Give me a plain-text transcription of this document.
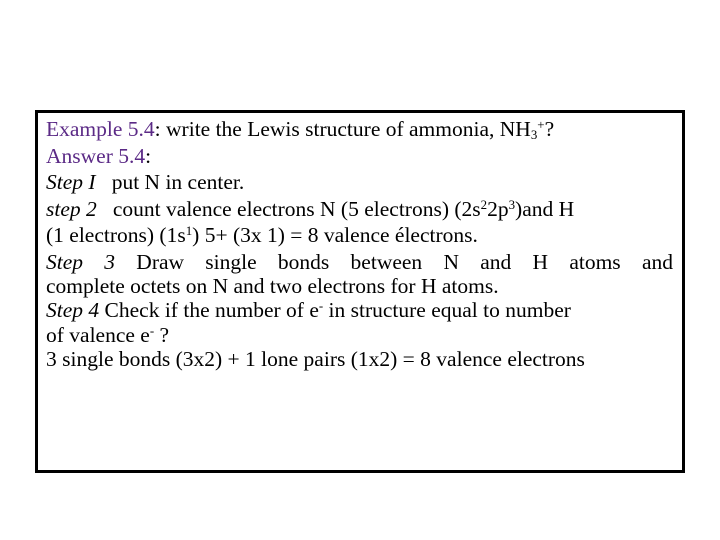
Example 5.4: write the Lewis structure of ammonia, $NH_3^+$?
Answer 5.4:
Step I   put N in center.
step 2   count valence electrons N (5 electrons) $(2s^22p^3)and$ H
(1 electrons) $(1s^1)$ 5+ (3x 1) = 8 valence électrons.
Step 3 Draw single bonds between N and H atoms and
complete octets on N and two electrons for H atoms.
Step 4 Check if the number of e- in structure equal to number
of valence e- ?
3 single bonds (3x2) + 1 lone pairs (1x2) = 8 valence electrons
